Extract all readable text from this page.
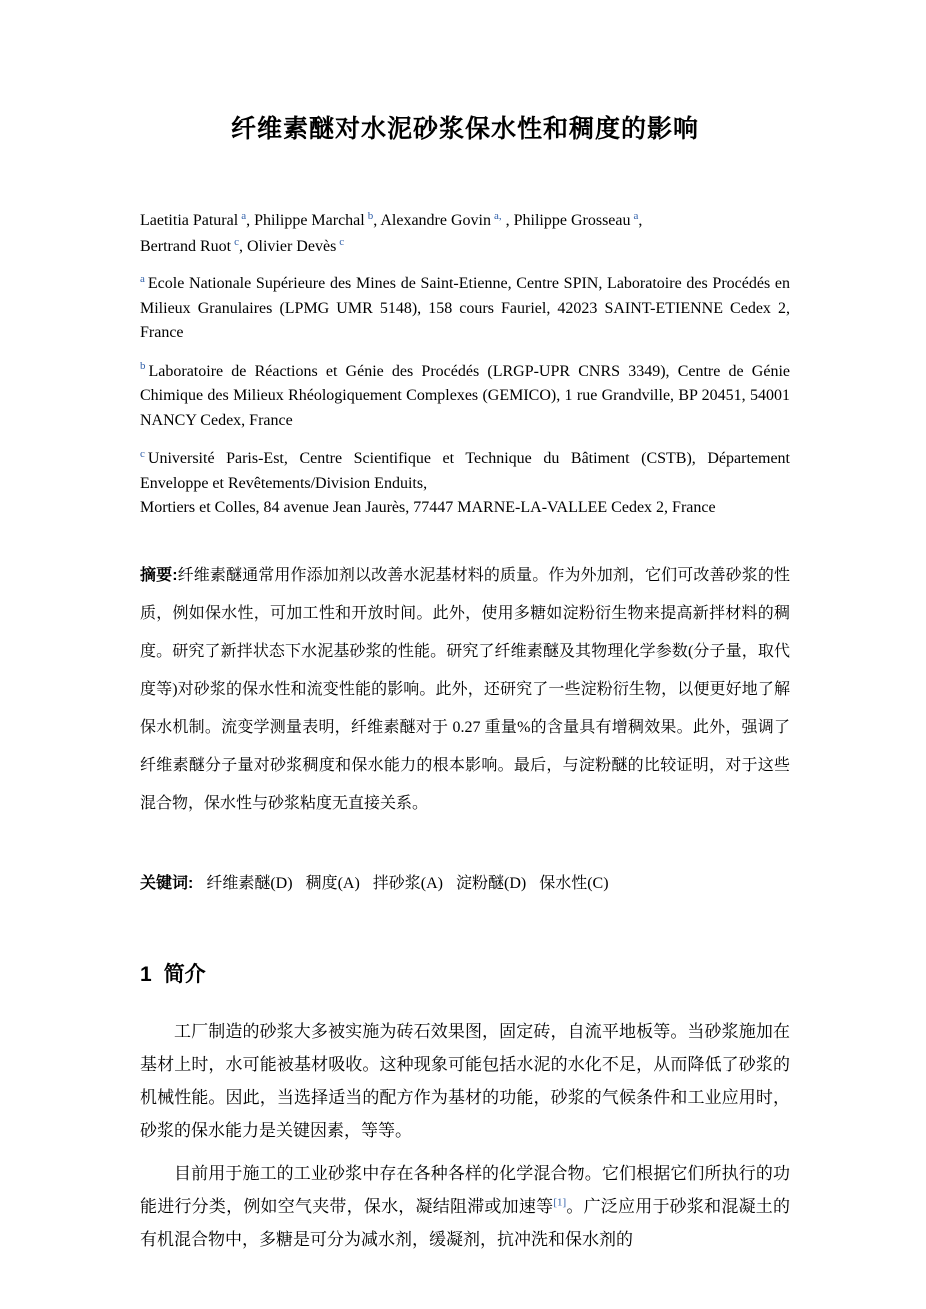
纤维素醚对水泥砂浆保水性和稠度的影响

Laetitia Patural $^a$, Philippe Marchal $^b$, Alexandre Govin $^{a,}$ , Philippe Grosseau $^a$,
Bertrand Ruot $^c$, Olivier Devès $^c$

$^a$ Ecole Nationale Supérieure des Mines de Saint-Etienne, Centre SPIN, Laboratoire des Procédés en Milieux Granulaires (LPMG UMR 5148), 158 cours Fauriel, 42023 SAINT-ETIENNE Cedex 2, France
$^b$ Laboratoire de Réactions et Génie des Procédés (LRGP-UPR CNRS 3349), Centre de Génie Chimique des Milieux Rhéologiquement Complexes (GEMICO), 1 rue Grandville, BP 20451, 54001 NANCY Cedex, France
$^c$ Université Paris-Est, Centre Scientifique et Technique du Bâtiment (CSTB), Département Enveloppe et Revêtements/Division Enduits,
Mortiers et Colles, 84 avenue Jean Jaurès, 77447 MARNE-LA-VALLEE Cedex 2, France

摘要:纤维素醚通常用作添加剂以改善水泥基材料的质量。作为外加剂，它们可改善砂浆的性质，例如保水性，可加工性和开放时间。此外，使用多糖如淀粉衍生物来提高新拌材料的稠度。研究了新拌状态下水泥基砂浆的性能。研究了纤维素醚及其物理化学参数(分子量，取代度等)对砂浆的保水性和流变性能的影响。此外，还研究了一些淀粉衍生物，以便更好地了解保水机制。流变学测量表明，纤维素醚对于 0.27 重量%的含量具有增稠效果。此外，强调了纤维素醚分子量对砂浆稠度和保水能力的根本影响。最后，与淀粉醚的比较证明，对于这些混合物，保水性与砂浆粘度无直接关系。

关键词: 纤维素醚(D) 稠度(A) 拌砂浆(A) 淀粉醚(D) 保水性(C)

1 简介

工厂制造的砂浆大多被实施为砖石效果图，固定砖，自流平地板等。当砂浆施加在基材上时，水可能被基材吸收。这种现象可能包括水泥的水化不足，从而降低了砂浆的机械性能。因此，当选择适当的配方作为基材的功能，砂浆的气候条件和工业应用时，砂浆的保水能力是关键因素，等等。

目前用于施工的工业砂浆中存在各种各样的化学混合物。它们根据它们所执行的功能进行分类，例如空气夹带，保水，凝结阻滞或加速等[1]。广泛应用于砂浆和混凝土的有机混合物中，多糖是可分为减水剂，缓凝剂，抗冲洗和保水剂的
